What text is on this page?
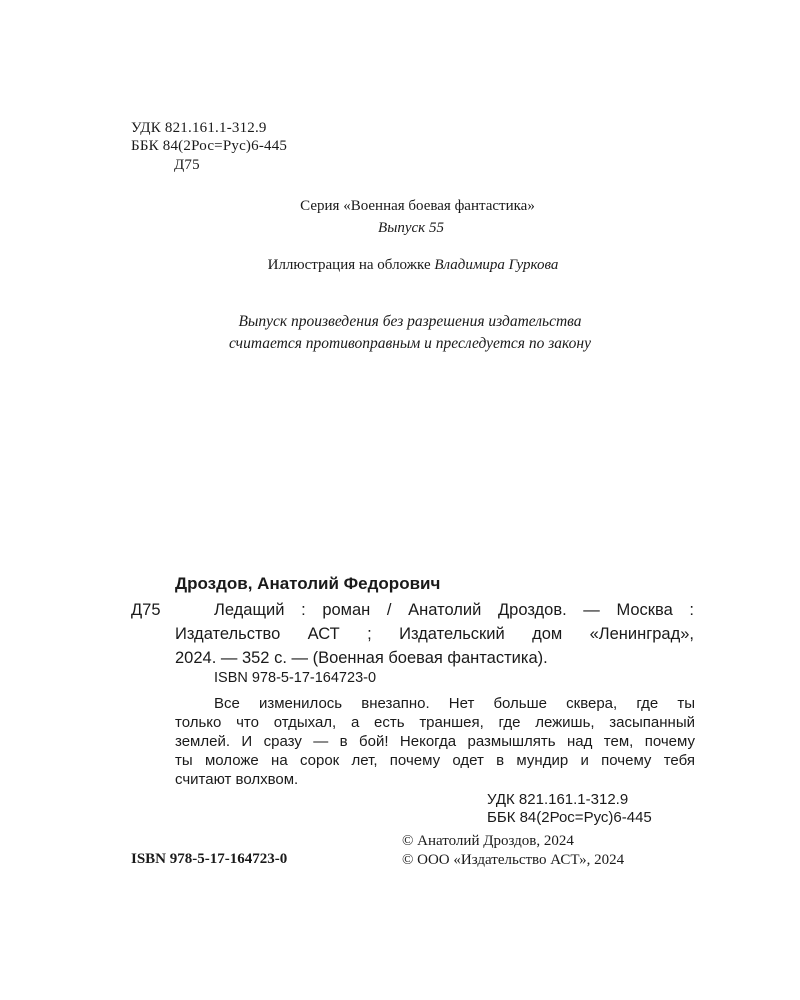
УДК 821.161.1-312.9
ББК 84(2Рос=Рус)6-445
Д75
Серия «Военная боевая фантастика»
Выпуск 55
Иллюстрация на обложке Владимира Гуркова
Выпуск произведения без разрешения издательства
считается противоправным и преследуется по закону
Дроздов, Анатолий Федорович
Д75	Ледащий : роман / Анатолий Дроздов. — Москва :
Издательство АСТ ; Издательский дом «Ленинград»,
2024. — 352 с. — (Военная боевая фантастика).
ISBN 978-5-17-164723-0
Все изменилось внезапно. Нет больше сквера, где ты
только что отдыхал, а есть траншея, где лежишь, засыпанный
землей. И сразу — в бой! Некогда размышлять над тем, почему
ты моложе на сорок лет, почему одет в мундир и почему тебя
считают волхвом.
УДК 821.161.1-312.9
ББК 84(2Рос=Рус)6-445
© Анатолий Дроздов, 2024
ISBN 978-5-17-164723-0	© ООО «Издательство АСТ», 2024
